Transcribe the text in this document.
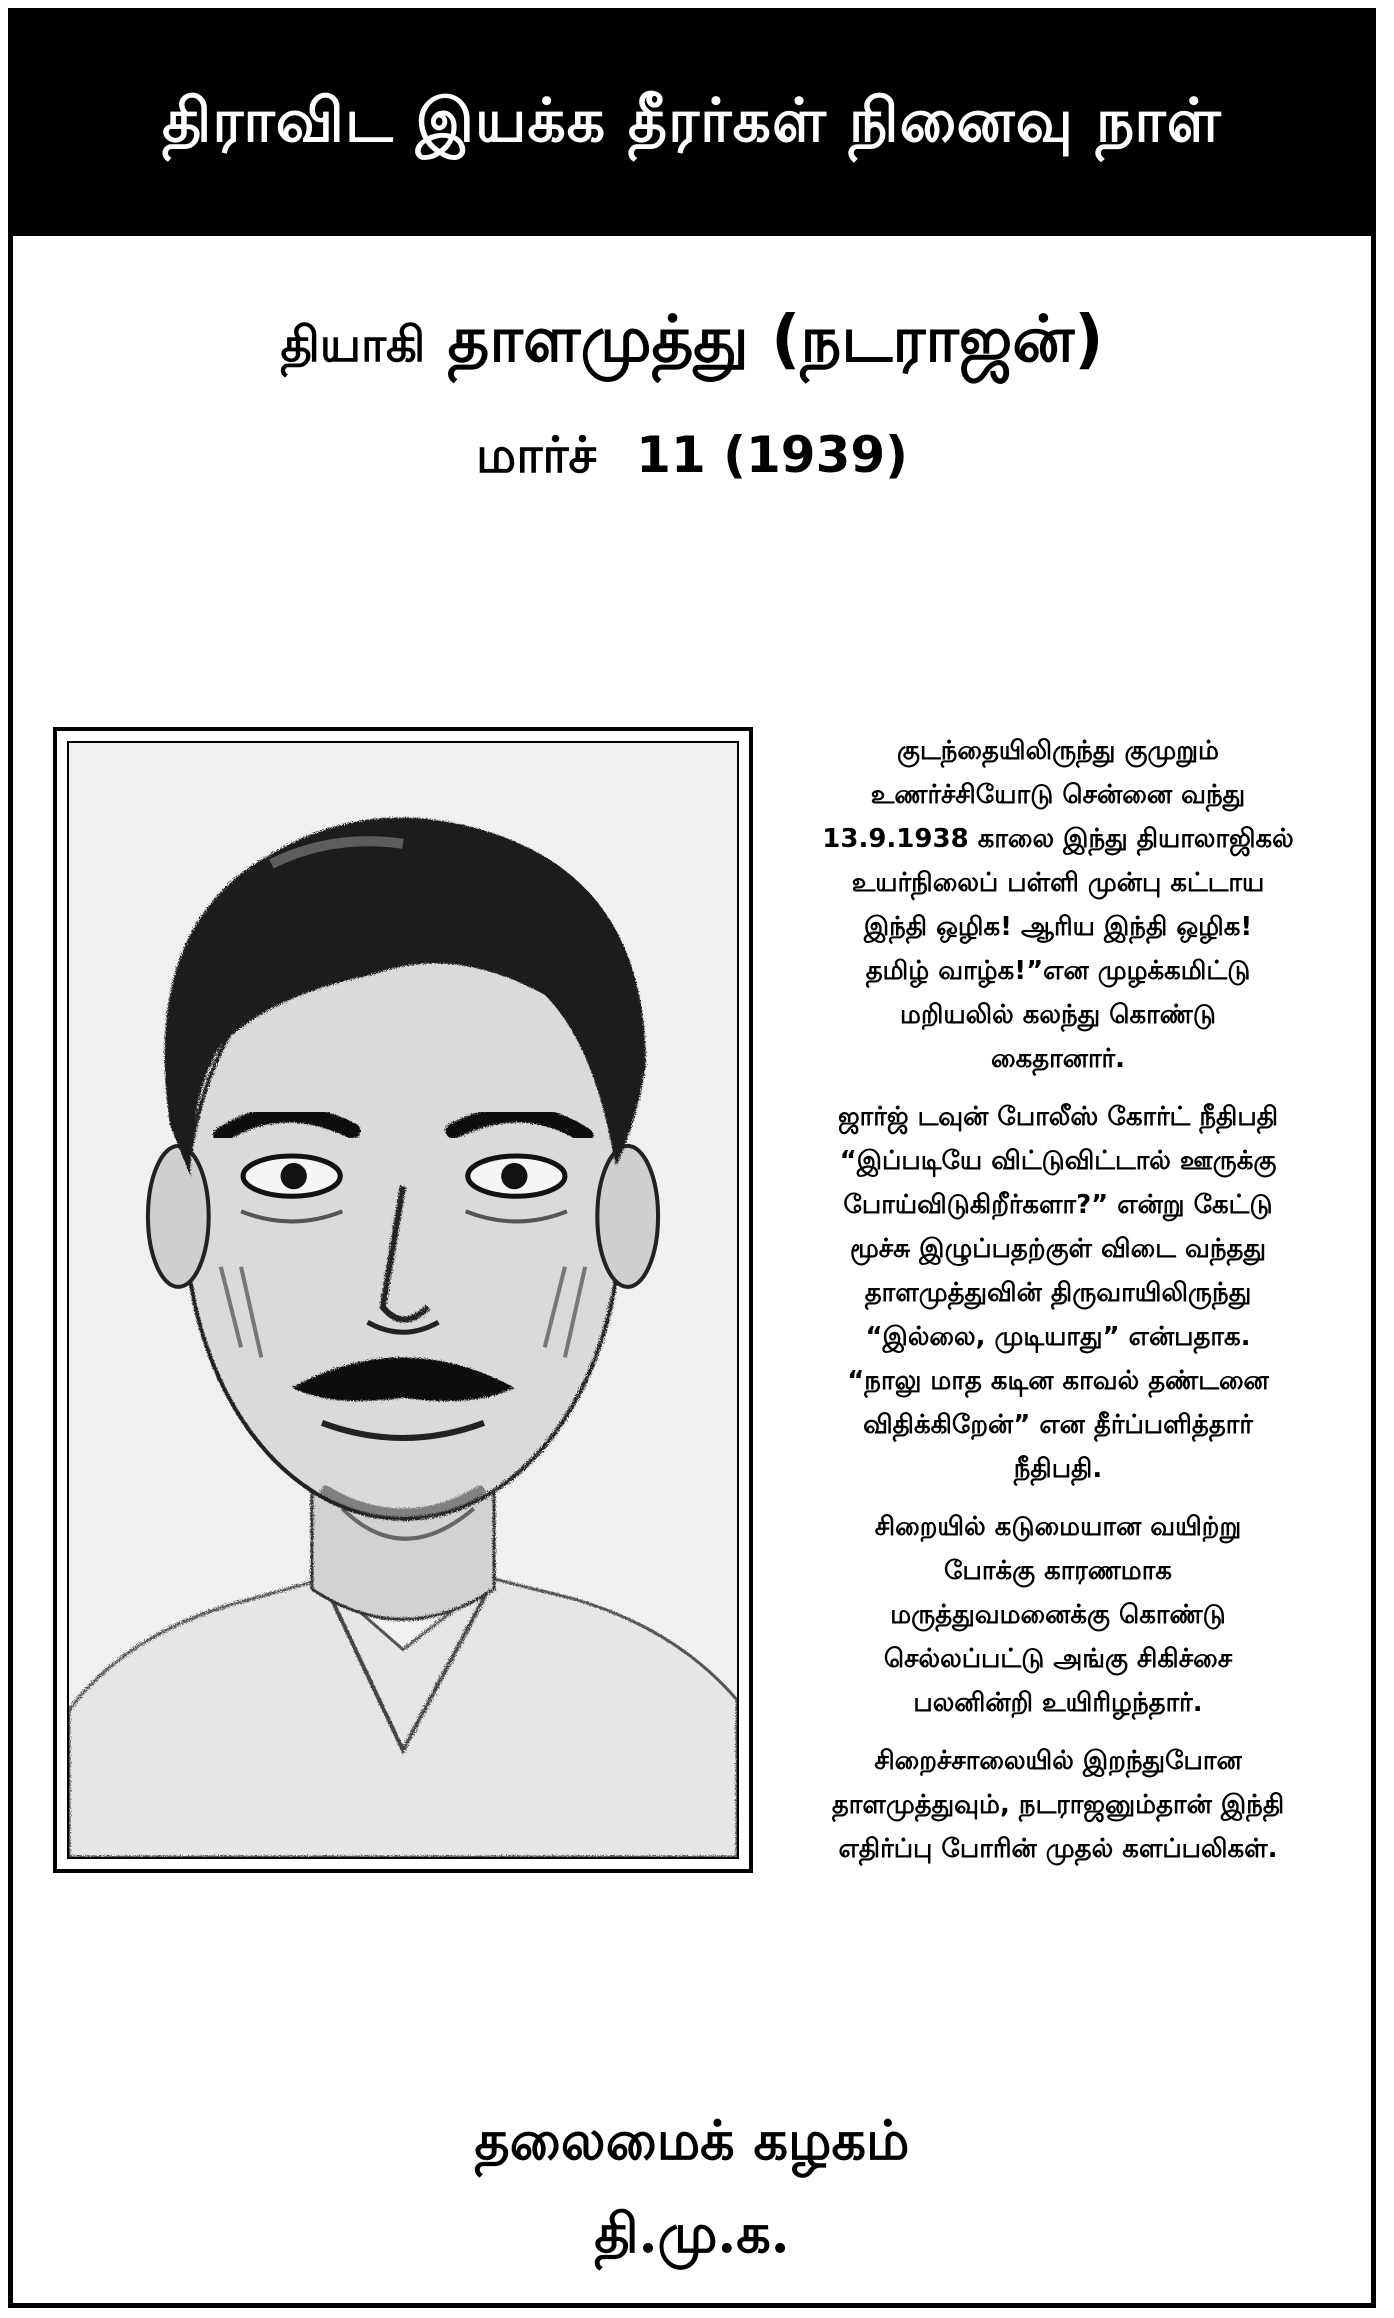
திராவிட இயக்க தீரர்கள் நினைவு நாள்
தியாகி தாளமுத்து (நடராஜன்)
மார்ச் 11 (1939)

குடந்தையிலிருந்து குமுறும்
உணர்ச்சியோடு சென்னை வந்து
13.9.1938 காலை இந்து தியாலாஜிகல்
உயர்நிலைப் பள்ளி முன்பு கட்டாய
இந்தி ஒழிக! ஆரிய இந்தி ஒழிக!
தமிழ் வாழ்க!”என முழக்கமிட்டு
மறியலில் கலந்து கொண்டு
கைதானார்.

ஜார்ஜ் டவுன் போலீஸ் கோர்ட் நீதிபதி
“இப்படியே விட்டுவிட்டால் ஊருக்கு
போய்விடுகிறீர்களா?” என்று கேட்டு
மூச்சு இழுப்பதற்குள் விடை வந்தது
தாளமுத்துவின் திருவாயிலிருந்து
“இல்லை, முடியாது” என்பதாக.
“நாலு மாத கடின காவல் தண்டனை
விதிக்கிறேன்” என தீர்ப்பளித்தார்
நீதிபதி.

சிறையில் கடுமையான வயிற்று
போக்கு காரணமாக
மருத்துவமனைக்கு கொண்டு
செல்லப்பட்டு அங்கு சிகிச்சை
பலனின்றி உயிரிழந்தார்.

சிறைச்சாலையில் இறந்துபோன
தாளமுத்துவும், நடராஜனும்தான் இந்தி
எதிர்ப்பு போரின் முதல் களப்பலிகள்.

தலைமைக் கழகம்
தி.மு.க.
